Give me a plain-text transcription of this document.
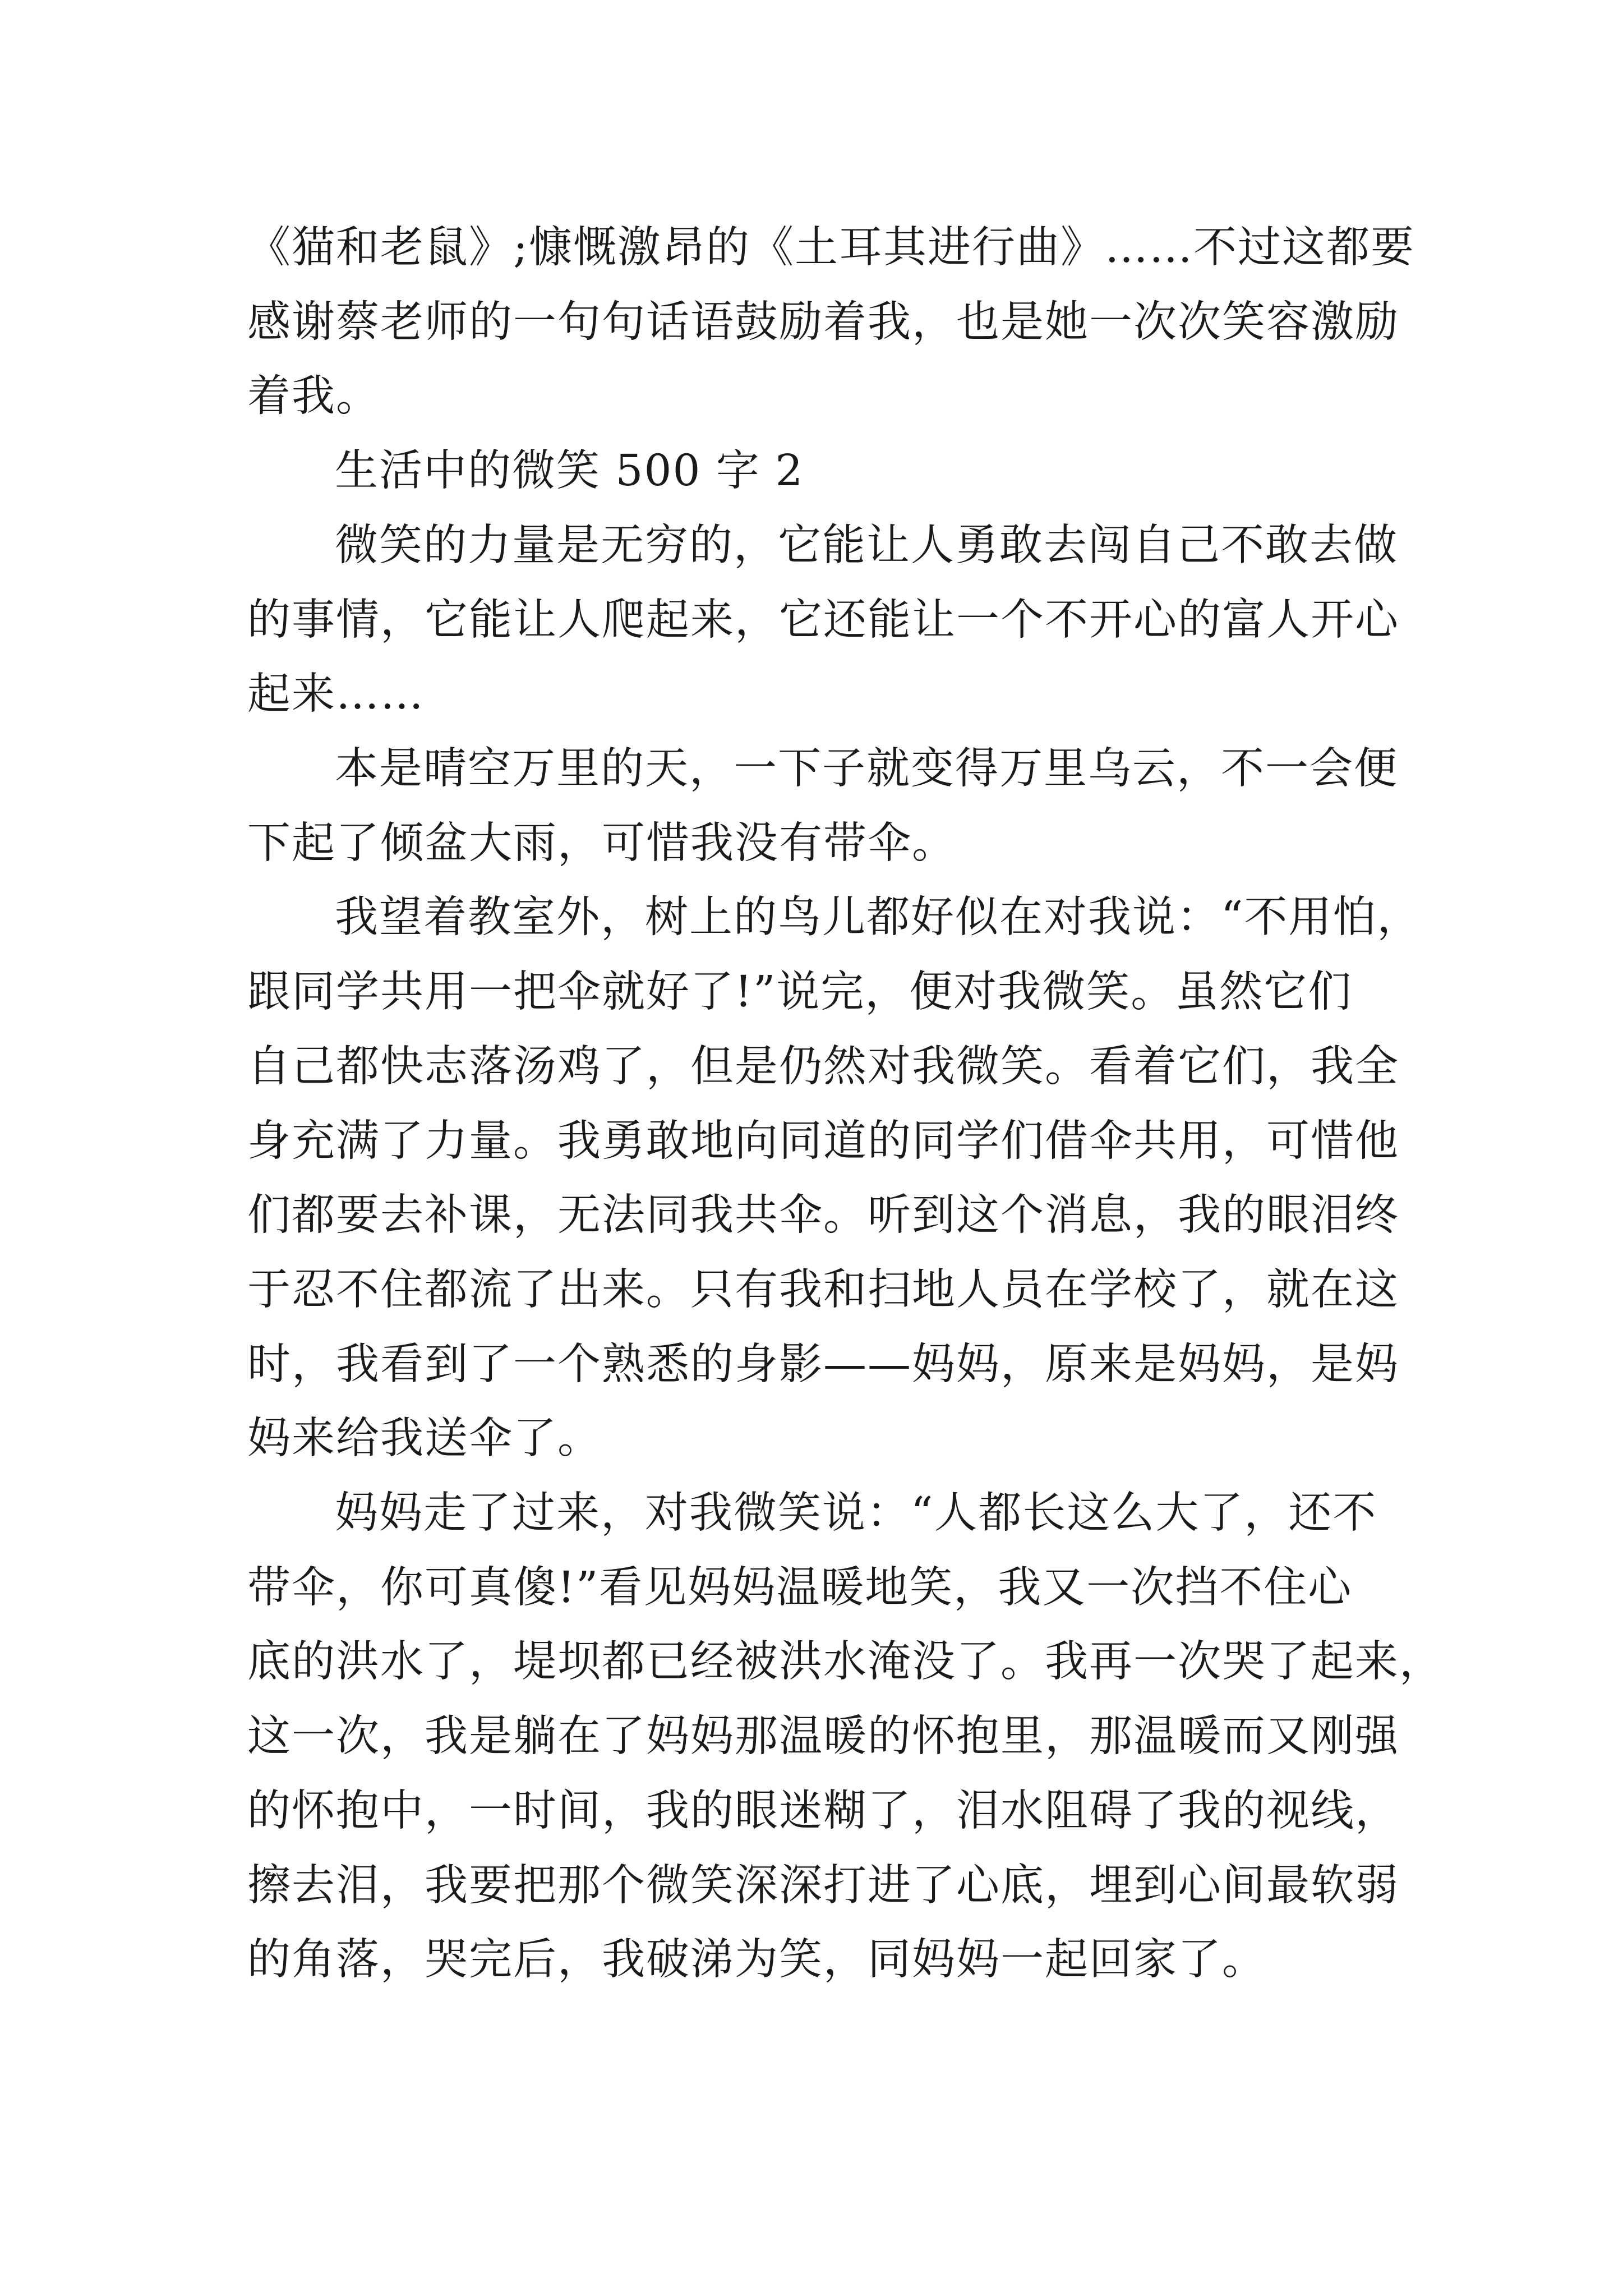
《猫和老鼠》;慷慨激昂的《土耳其进行曲》……不过这都要

感谢蔡老师的一句句话语鼓励着我，也是她一次次笑容激励

着我。

生活中的微笑 500 字 2

微笑的力量是无穷的，它能让人勇敢去闯自己不敢去做

的事情，它能让人爬起来，它还能让一个不开心的富人开心

起来……

本是晴空万里的天，一下子就变得万里乌云，不一会便

下起了倾盆大雨，可惜我没有带伞。

我望着教室外，树上的鸟儿都好似在对我说：“不用怕，

跟同学共用一把伞就好了!”说完，便对我微笑。虽然它们

自己都快志落汤鸡了，但是仍然对我微笑。看着它们，我全

身充满了力量。我勇敢地向同道的同学们借伞共用，可惜他

们都要去补课，无法同我共伞。听到这个消息，我的眼泪终

于忍不住都流了出来。只有我和扫地人员在学校了，就在这

时，我看到了一个熟悉的身影——妈妈，原来是妈妈，是妈

妈来给我送伞了。

妈妈走了过来，对我微笑说：“人都长这么大了，还不

带伞，你可真傻!”看见妈妈温暖地笑，我又一次挡不住心

底的洪水了，堤坝都已经被洪水淹没了。我再一次哭了起来，

这一次，我是躺在了妈妈那温暖的怀抱里，那温暖而又刚强

的怀抱中，一时间，我的眼迷糊了，泪水阻碍了我的视线，

擦去泪，我要把那个微笑深深打进了心底，埋到心间最软弱

的角落，哭完后，我破涕为笑，同妈妈一起回家了。
